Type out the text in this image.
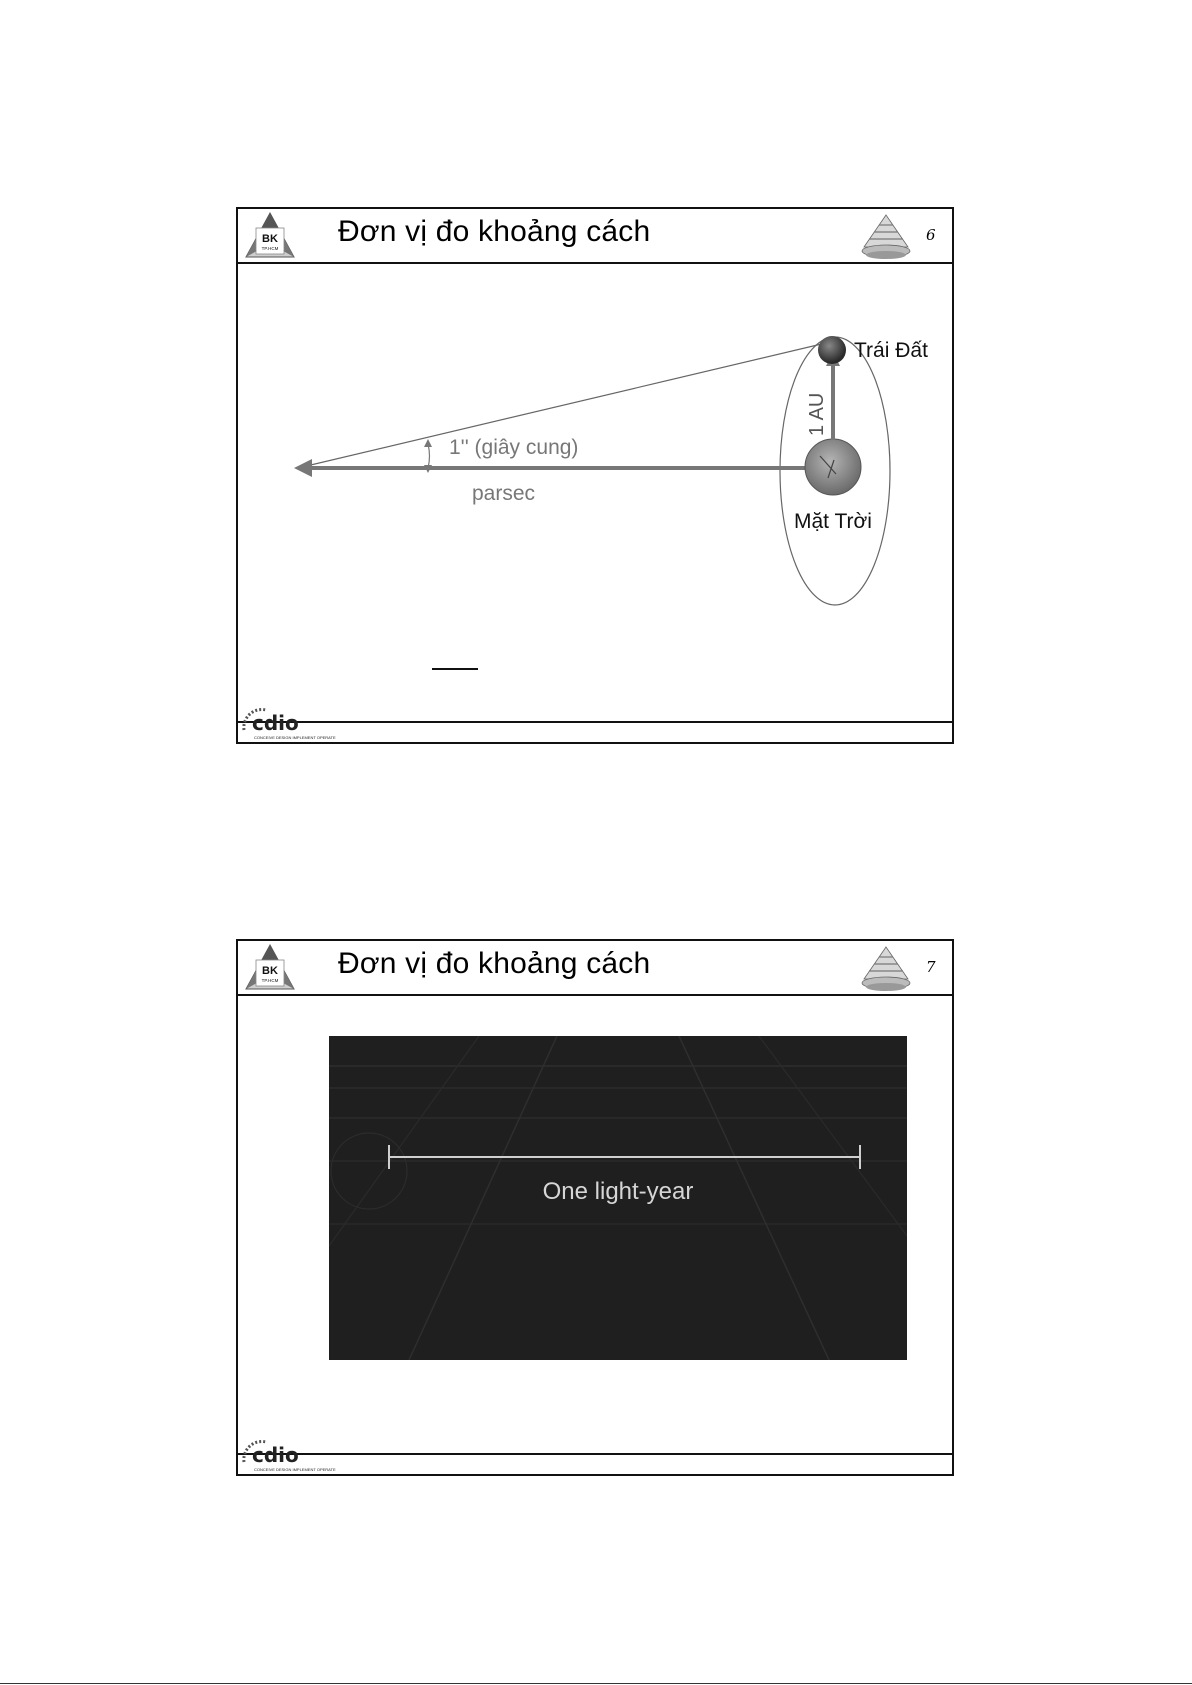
BK
TP.HCM
Đơn vị đo khoảng cách	6
Trái Đất
1 AU
1'' (giây cung)
parsec
Mặt Trời
cdio
CONCEIVE DESIGN IMPLEMENT OPERATE
BK
TP.HCM
Đơn vị đo khoảng cách	7
One light-year
cdio
CONCEIVE DESIGN IMPLEMENT OPERATE
